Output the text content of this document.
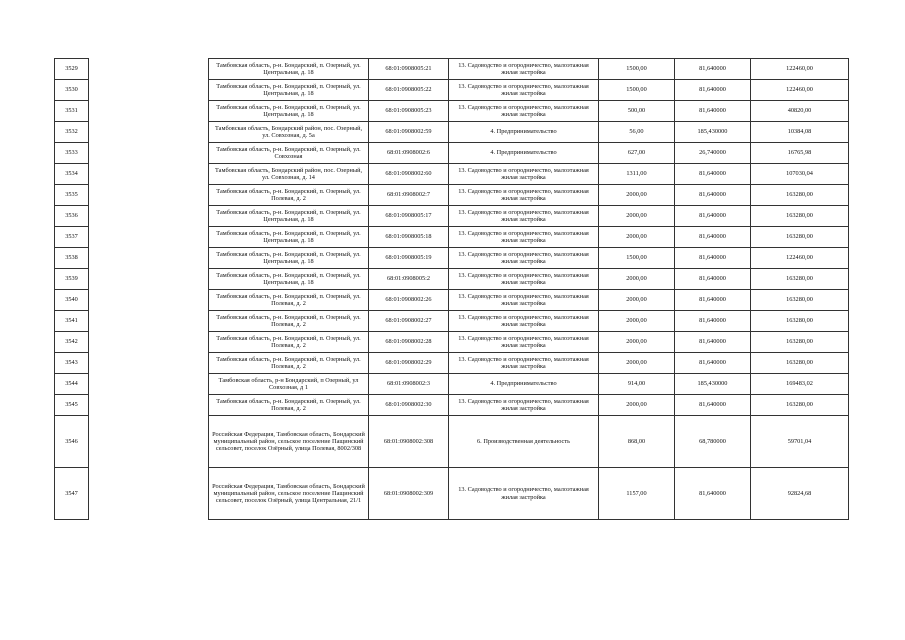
3529		Тамбовская область, р-н. Бондарский, п. Озерный, ул. Центральная, д. 18	68:01:0908005:21	13. Садоводство и огородничество, малоэтажная жилая застройка	1500,00	81,640000	122460,00
3530		Тамбовская область, р-н. Бондарский, п. Озерный, ул. Центральная, д. 18	68:01:0908005:22	13. Садоводство и огородничество, малоэтажная жилая застройка	1500,00	81,640000	122460,00
3531		Тамбовская область, р-н. Бондарский, п. Озерный, ул. Центральная, д. 18	68:01:0908005:23	13. Садоводство и огородничество, малоэтажная жилая застройка	500,00	81,640000	40820,00
3532		Тамбовская область, Бондарский район, пос. Озерный, ул. Совхозная, д. 5а	68:01:0908002:59	4. Предпринимательство	56,00	185,430000	10384,08
3533		Тамбовская область, р-н. Бондарский, п. Озерный, ул. Совхозная	68:01:0908002:6	4. Предпринимательство	627,00	26,740000	16765,98
3534		Тамбовская область, Бондарский район, пос. Озерный, ул. Совхозная, д. 14	68:01:0908002:60	13. Садоводство и огородничество, малоэтажная жилая застройка	1311,00	81,640000	107030,04
3535		Тамбовская область, р-н. Бондарский, п. Озерный, ул. Полевая, д. 2	68:01:0908002:7	13. Садоводство и огородничество, малоэтажная жилая застройка	2000,00	81,640000	163280,00
3536		Тамбовская область, р-н. Бондарский, п. Озерный, ул. Центральная, д. 18	68:01:0908005:17	13. Садоводство и огородничество, малоэтажная жилая застройка	2000,00	81,640000	163280,00
3537		Тамбовская область, р-н. Бондарский, п. Озерный, ул. Центральная, д. 18	68:01:0908005:18	13. Садоводство и огородничество, малоэтажная жилая застройка	2000,00	81,640000	163280,00
3538		Тамбовская область, р-н. Бондарский, п. Озерный, ул. Центральная, д. 18	68:01:0908005:19	13. Садоводство и огородничество, малоэтажная жилая застройка	1500,00	81,640000	122460,00
3539		Тамбовская область, р-н. Бондарский, п. Озерный, ул. Центральная, д. 18	68:01:0908005:2	13. Садоводство и огородничество, малоэтажная жилая застройка	2000,00	81,640000	163280,00
3540		Тамбовская область, р-н. Бондарский, п. Озерный, ул. Полевая, д. 2	68:01:0908002:26	13. Садоводство и огородничество, малоэтажная жилая застройка	2000,00	81,640000	163280,00
3541		Тамбовская область, р-н. Бондарский, п. Озерный, ул. Полевая, д. 2	68:01:0908002:27	13. Садоводство и огородничество, малоэтажная жилая застройка	2000,00	81,640000	163280,00
3542		Тамбовская область, р-н. Бондарский, п. Озерный, ул. Полевая, д. 2	68:01:0908002:28	13. Садоводство и огородничество, малоэтажная жилая застройка	2000,00	81,640000	163280,00
3543		Тамбовская область, р-н. Бондарский, п. Озерный, ул. Полевая, д. 2	68:01:0908002:29	13. Садоводство и огородничество, малоэтажная жилая застройка	2000,00	81,640000	163280,00
3544		Тамбовская область, р-н Бондарский, п Озерный, ул Совхозная, д 1	68:01:0908002:3	4. Предпринимательство	914,00	185,430000	169483,02
3545		Тамбовская область, р-н. Бондарский, п. Озерный, ул. Полевая, д. 2	68:01:0908002:30	13. Садоводство и огородничество, малоэтажная жилая застройка	2000,00	81,640000	163280,00
3546		Российская Федерация, Тамбовская область, Бондарский муниципальный район, сельское поселение Пащинский сельсовет, поселок Озёрный, улица Полевая, 8002/308	68:01:0908002:308	6. Производственная деятельность	868,00	68,780000	59701,04
3547		Российская Федерация, Тамбовская область, Бондарский муниципальный район, сельское поселение Пащинский сельсовет, поселок Озёрный, улица Центральная, 21/1	68:01:0908002:309	13. Садоводство и огородничество, малоэтажная жилая застройка	1157,00	81,640000	92824,68
